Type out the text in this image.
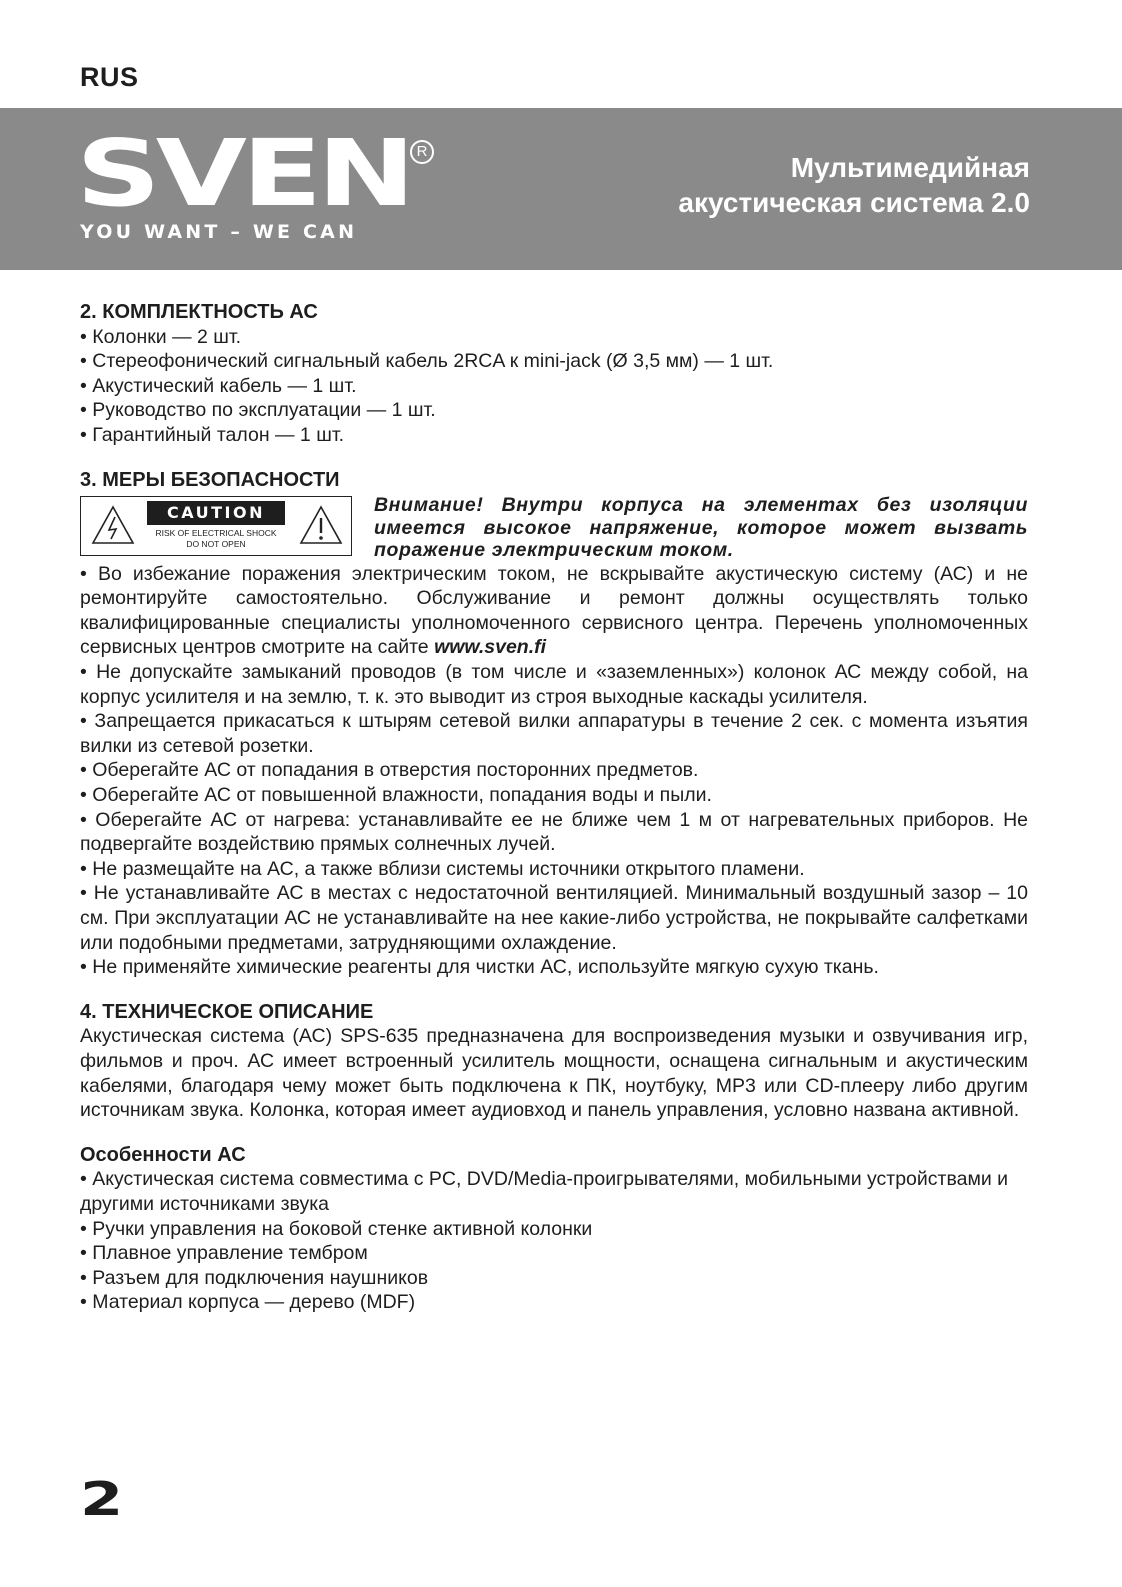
RUS
SVEN R
YOU WANT – WE CAN
Мультимедийная
акустическая система 2.0

2. КОМПЛЕКТНОСТЬ АС

• Колонки — 2 шт.

• Стереофонический сигнальный кабель 2RCA к mini-jack (Ø 3,5 мм) — 1 шт.

• Акустический кабель — 1 шт.

• Руководство по эксплуатации — 1 шт.

• Гарантийный талон — 1 шт.

3. МЕРЫ БЕЗОПАСНОСТИ

CAUTION
RISK OF ELECTRICAL SHOCK
DO NOT OPEN
Внимание! Внутри корпуса на элементах без изоляции имеется высокое напряжение, которое может вызвать поражение электрическим током.

• Во избежание поражения электрическим током, не вскрывайте акустическую систему (АС) и не ремонтируйте самостоятельно. Обслуживание и ремонт должны осуществлять только квалифицированные специалисты уполномоченного сервисного центра. Перечень уполномоченных сервисных центров смотрите на сайте www.sven.fi

• Не допускайте замыканий проводов (в том числе и «заземленных») колонок АС между собой, на корпус усилителя и на землю, т. к. это выводит из строя выходные каскады усилителя.

• Запрещается прикасаться к штырям сетевой вилки аппаратуры в течение 2 сек. с момента изъятия вилки из сетевой розетки.

• Оберегайте АС от попадания в отверстия посторонних предметов.

• Оберегайте АС от повышенной влажности, попадания воды и пыли.

• Оберегайте АС от нагрева: устанавливайте ее не ближе чем 1 м от нагревательных приборов. Не подвергайте воздействию прямых солнечных лучей.

• Не размещайте на АС, а также вблизи системы источники открытого пламени.

• Не устанавливайте АС в местах с недостаточной вентиляцией. Минимальный воздушный зазор – 10 см. При эксплуатации АС не устанавливайте на нее какие-либо устройства, не покрывайте салфетками или подобными предметами, затрудняющими охлаждение.

• Не применяйте химические реагенты для чистки АС, используйте мягкую сухую ткань.

4. ТЕХНИЧЕСКОЕ ОПИСАНИЕ

Акустическая система (АС) SPS-635 предназначена для воспроизведения музыки и озвучивания игр, фильмов и проч. АС имеет встроенный усилитель мощности, оснащена сигнальным и акустическим кабелями, благодаря чему может быть подключена к ПК, ноутбуку, MP3 или CD-плееру либо другим источникам звука. Колонка, которая имеет аудиовход и панель управления, условно названа активной.

Особенности АС

• Акустическая система совместима с PC, DVD/Media-проигрывателями, мобильными устройствами и другими источниками звука

• Ручки управления на боковой стенке активной колонки

• Плавное управление тембром

• Разъем для подключения наушников

• Материал корпуса — дерево (MDF)

2
